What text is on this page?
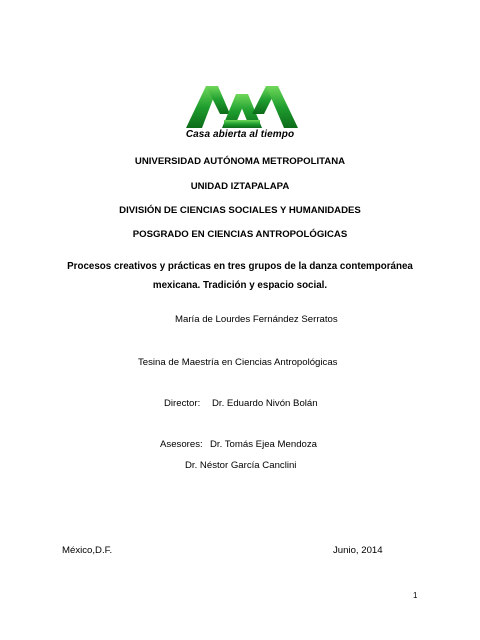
Casa abierta al tiempo
UNIVERSIDAD AUTÓNOMA METROPOLITANA
UNIDAD IZTAPALAPA
DIVISIÓN DE CIENCIAS SOCIALES Y HUMANIDADES
POSGRADO EN CIENCIAS ANTROPOLÓGICAS
Procesos creativos y prácticas en tres grupos de la danza contemporánea
mexicana. Tradición y espacio social.
María de Lourdes Fernández Serratos
Tesina de Maestría en Ciencias Antropológicas
Director: Dr. Eduardo Nivón Bolán
Asesores: Dr. Tomás Ejea Mendoza
Dr. Néstor García Canclini
México,D.F.	Junio, 2014
1
